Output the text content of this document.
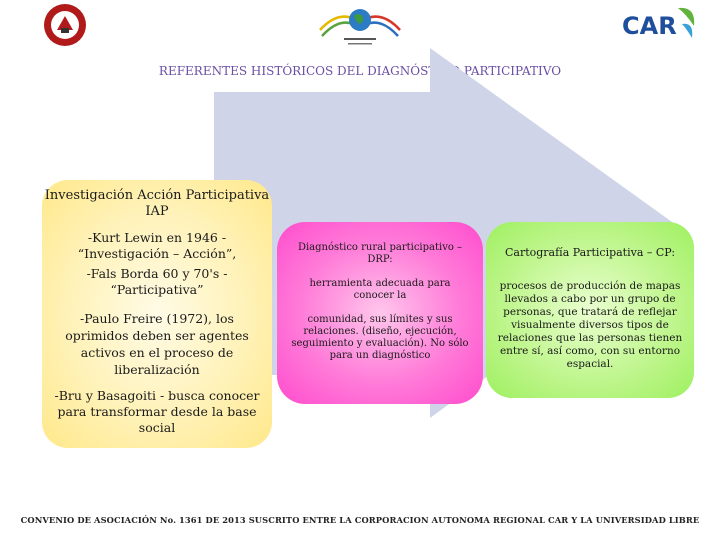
CAR
REFERENTES HISTÓRICOS DEL DIAGNÓSTICO PARTICIPATIVO

Investigación Acción Participativa IAP

-Kurt Lewin en 1946 - “Investigación – Acción”,

-Fals Borda 60 y 70's - “Participativa”

-Paulo Freire (1972), los oprimidos deben ser agentes activos en el proceso de liberalización

-Bru y Basagoiti - busca conocer para transformar desde la base social

Diagnóstico rural participativo – DRP:

herramienta adecuada para conocer la

comunidad, sus límites y sus relaciones. (diseño, ejecución, seguimiento y evaluación). No sólo para un diagnóstico

Cartografía Participativa – CP:

procesos de producción de mapas llevados a cabo por un grupo de personas, que tratará de reflejar visualmente diversos tipos de relaciones que las personas tienen entre sí, así como, con su entorno espacial.

CONVENIO DE ASOCIACIÓN No. 1361 DE 2013 SUSCRITO ENTRE LA CORPORACION AUTONOMA REGIONAL CAR Y LA UNIVERSIDAD LIBRE
